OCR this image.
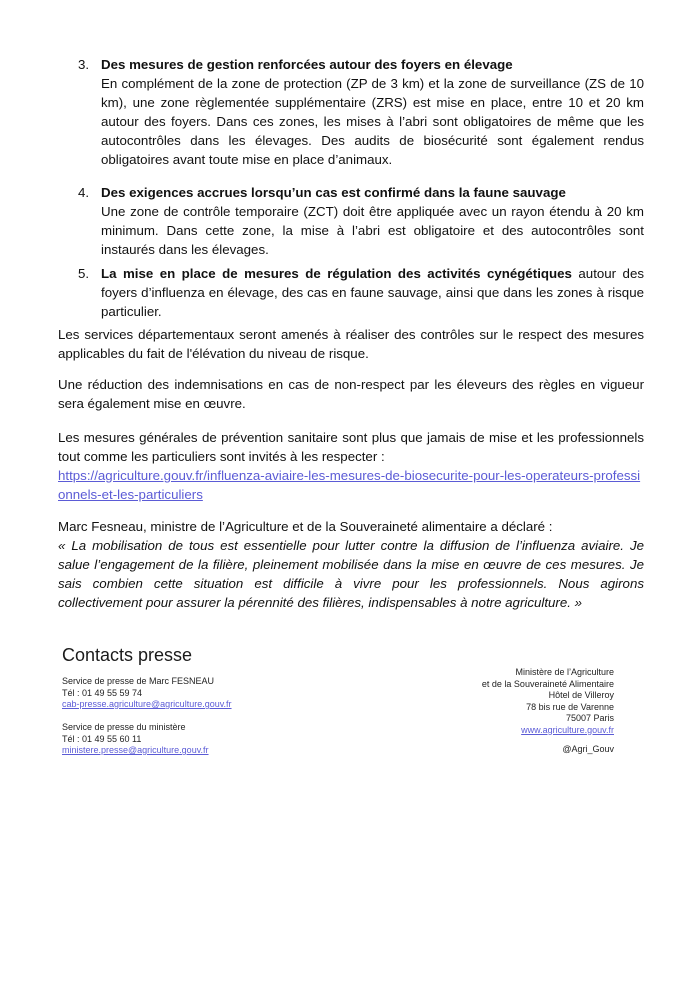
3. Des mesures de gestion renforcées autour des foyers en élevage
En complément de la zone de protection (ZP de 3 km) et la zone de surveillance (ZS de 10 km), une zone règlementée supplémentaire (ZRS) est mise en place, entre 10 et 20 km autour des foyers. Dans ces zones, les mises à l’abri sont obligatoires de même que les autocontrôles dans les élevages. Des audits de biosécurité sont également rendus obligatoires avant toute mise en place d’animaux.
4. Des exigences accrues lorsqu’un cas est confirmé dans la faune sauvage
Une zone de contrôle temporaire (ZCT) doit être appliquée avec un rayon étendu à 20 km minimum. Dans cette zone, la mise à l’abri est obligatoire et des autocontrôles sont instaurés dans les élevages.
5. La mise en place de mesures de régulation des activités cynégétiques autour des foyers d’influenza en élevage, des cas en faune sauvage, ainsi que dans les zones à risque particulier.
Les services départementaux seront amenés à réaliser des contrôles sur le respect des mesures applicables du fait de l'élévation du niveau de risque.
Une réduction des indemnisations en cas de non-respect par les éleveurs des règles en vigueur sera également mise en œuvre.
Les mesures générales de prévention sanitaire sont plus que jamais de mise et les professionnels tout comme les particuliers sont invités à les respecter :
https://agriculture.gouv.fr/influenza-aviaire-les-mesures-de-biosecurite-pour-les-operateurs-professionnels-et-les-particuliers
Marc Fesneau, ministre de l’Agriculture et de la Souveraineté alimentaire a déclaré :
« La mobilisation de tous est essentielle pour lutter contre la diffusion de l’influenza aviaire. Je salue l’engagement de la filière, pleinement mobilisée dans la mise en œuvre de ces mesures. Je sais combien cette situation est difficile à vivre pour les professionnels. Nous agirons collectivement pour assurer la pérennité des filières, indispensables à notre agriculture. »
Contacts presse
Service de presse de Marc FESNEAU
Tél : 01 49 55 59 74
cab-presse.agriculture@agriculture.gouv.fr
Service de presse du ministère
Tél : 01 49 55 60 11
ministere.presse@agriculture.gouv.fr
Ministère de l’Agriculture
et de la Souveraineté Alimentaire
Hôtel de Villeroy
78 bis rue de Varenne
75007 Paris
www.agriculture.gouv.fr
@Agri_Gouv
